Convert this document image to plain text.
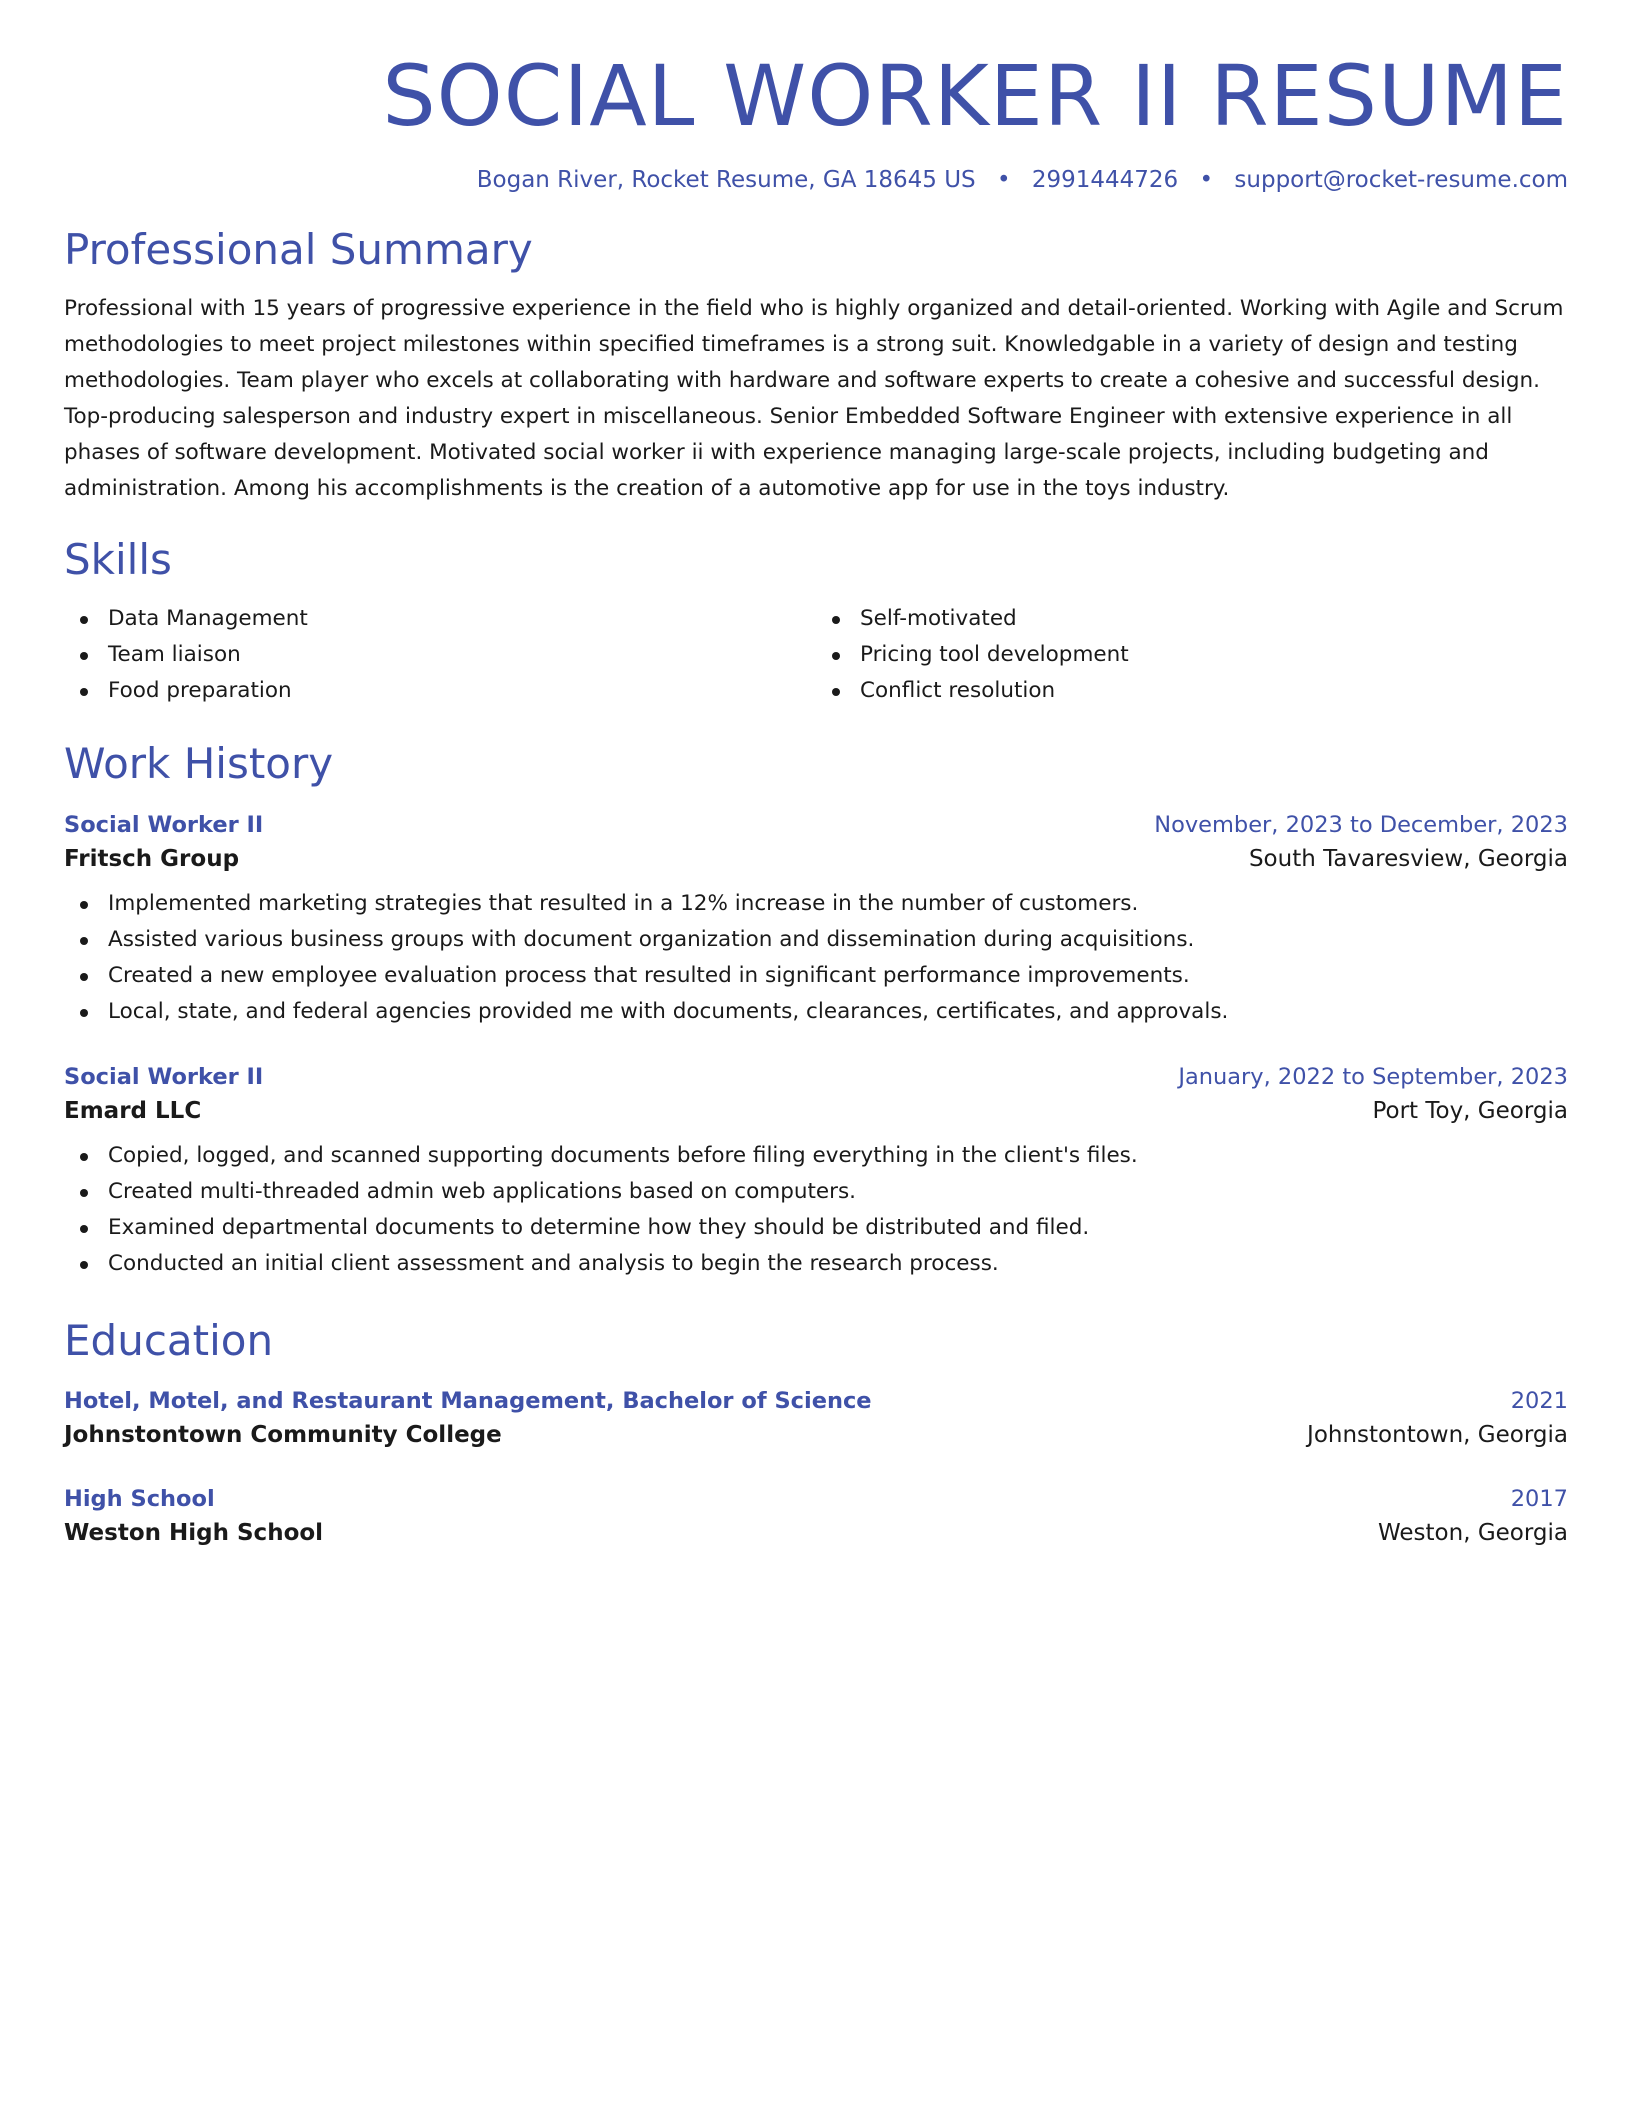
SOCIAL WORKER II RESUME
Bogan River, Rocket Resume, GA 18645 US • 2991444726 • support@rocket-resume.com
Professional Summary

Professional with 15 years of progressive experience in the field who is highly organized and detail-oriented. Working with Agile and Scrum methodologies to meet project milestones within specified timeframes is a strong suit. Knowledgable in a variety of design and testing methodologies. Team player who excels at collaborating with hardware and software experts to create a cohesive and successful design. Top-producing salesperson and industry expert in miscellaneous. Senior Embedded Software Engineer with extensive experience in all phases of software development. Motivated social worker ii with experience managing large-scale projects, including budgeting and administration. Among his accomplishments is the creation of a automotive app for use in the toys industry.

Skills
Data Management
Team liaison
Food preparation
Self-motivated
Pricing tool development
Conflict resolution
Work History
Social Worker II	November, 2023 to December, 2023
Fritsch Group	South Tavaresview, Georgia
Implemented marketing strategies that resulted in a 12% increase in the number of customers.
Assisted various business groups with document organization and dissemination during acquisitions.
Created a new employee evaluation process that resulted in significant performance improvements.
Local, state, and federal agencies provided me with documents, clearances, certificates, and approvals.
Social Worker II	January, 2022 to September, 2023
Emard LLC	Port Toy, Georgia
Copied, logged, and scanned supporting documents before filing everything in the client's files.
Created multi-threaded admin web applications based on computers.
Examined departmental documents to determine how they should be distributed and filed.
Conducted an initial client assessment and analysis to begin the research process.
Education
Hotel, Motel, and Restaurant Management, Bachelor of Science	2021
Johnstontown Community College	Johnstontown, Georgia
High School	2017
Weston High School	Weston, Georgia
